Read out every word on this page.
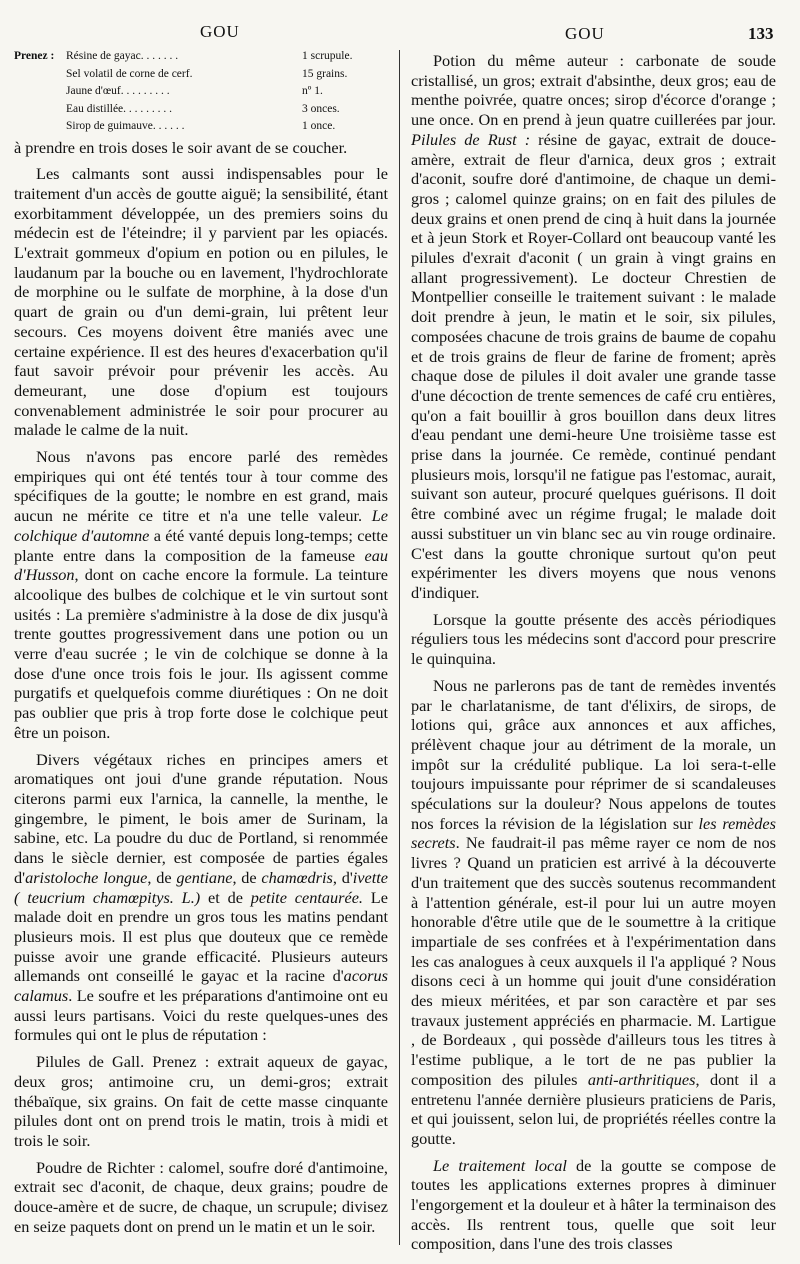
GOU	GOU	133
Prenez :	Résine de gayac. . . . . . .	1 scrupule.
Sel volatil de corne de cerf.	15 grains.
Jaune d'œuf. . . . . . . . .	nº 1.
Eau distillée. . . . . . . . .	3 onces.
Sirop de guimauve. . . . . .	1 once.

à prendre en trois doses le soir avant de se coucher.

Les calmants sont aussi indispensables pour le traitement d'un accès de goutte aiguë; la sensibilité, étant exorbitamment développée, un des premiers soins du médecin est de l'éteindre; il y parvient par les opiacés. L'extrait gommeux d'opium en potion ou en pilules, le laudanum par la bouche ou en lavement, l'hydrochlorate de morphine ou le sulfate de morphine, à la dose d'un quart de grain ou d'un demi-grain, lui prêtent leur secours. Ces moyens doivent être maniés avec une certaine expérience. Il est des heures d'exacerbation qu'il faut savoir prévoir pour prévenir les accès. Au demeurant, une dose d'opium est toujours convenablement administrée le soir pour procurer au malade le calme de la nuit.

Nous n'avons pas encore parlé des remèdes empiriques qui ont été tentés tour à tour comme des spécifiques de la goutte; le nombre en est grand, mais aucun ne mérite ce titre et n'a une telle valeur. Le colchique d'automne a été vanté depuis long-temps; cette plante entre dans la composition de la fameuse eau d'Husson, dont on cache encore la formule. La teinture alcoolique des bulbes de colchique et le vin surtout sont usités : La première s'administre à la dose de dix jusqu'à trente gouttes progressivement dans une potion ou un verre d'eau sucrée ; le vin de colchique se donne à la dose d'une once trois fois le jour. Ils agissent comme purgatifs et quelquefois comme diurétiques : On ne doit pas oublier que pris à trop forte dose le colchique peut être un poison.

Divers végétaux riches en principes amers et aromatiques ont joui d'une grande réputation. Nous citerons parmi eux l'arnica, la cannelle, la menthe, le gingembre, le piment, le bois amer de Surinam, la sabine, etc. La poudre du duc de Portland, si renommée dans le siècle dernier, est composée de parties égales d'aristoloche longue, de gentiane, de chamœdris, d'ivette ( teucrium chamœpitys. L.) et de petite centaurée. Le malade doit en prendre un gros tous les matins pendant plusieurs mois. Il est plus que douteux que ce remède puisse avoir une grande efficacité. Plusieurs auteurs allemands ont conseillé le gayac et la racine d'acorus calamus. Le soufre et les préparations d'antimoine ont eu aussi leurs partisans. Voici du reste quelques-unes des formules qui ont le plus de réputation :

Pilules de Gall. Prenez : extrait aqueux de gayac, deux gros; antimoine cru, un demi-gros; extrait thébaïque, six grains. On fait de cette masse cinquante pilules dont ont on prend trois le matin, trois à midi et trois le soir.

Poudre de Richter : calomel, soufre doré d'antimoine, extrait sec d'aconit, de chaque, deux grains; poudre de douce-amère et de sucre, de chaque, un scrupule; divisez en seize paquets dont on prend un le matin et un le soir.

Potion du même auteur : carbonate de soude cristallisé, un gros; extrait d'absinthe, deux gros; eau de menthe poivrée, quatre onces; sirop d'écorce d'orange ; une once. On en prend à jeun quatre cuillerées par jour. Pilules de Rust : résine de gayac, extrait de douce-amère, extrait de fleur d'arnica, deux gros ; extrait d'aconit, soufre doré d'antimoine, de chaque un demi-gros ; calomel quinze grains; on en fait des pilules de deux grains et onen prend de cinq à huit dans la journée et à jeun Stork et Royer-Collard ont beaucoup vanté les pilules d'exrait d'aconit ( un grain à vingt grains en allant progressivement). Le docteur Chrestien de Montpellier conseille le traitement suivant : le malade doit prendre à jeun, le matin et le soir, six pilules, composées chacune de trois grains de baume de copahu et de trois grains de fleur de farine de froment; après chaque dose de pilules il doit avaler une grande tasse d'une décoction de trente semences de café cru entières, qu'on a fait bouillir à gros bouillon dans deux litres d'eau pendant une demi-heure Une troisième tasse est prise dans la journée. Ce remède, continué pendant plusieurs mois, lorsqu'il ne fatigue pas l'estomac, aurait, suivant son auteur, procuré quelques guérisons. Il doit être combiné avec un régime frugal; le malade doit aussi substituer un vin blanc sec au vin rouge ordinaire. C'est dans la goutte chronique surtout qu'on peut expérimenter les divers moyens que nous venons d'indiquer.

Lorsque la goutte présente des accès périodiques réguliers tous les médecins sont d'accord pour prescrire le quinquina.

Nous ne parlerons pas de tant de remèdes inventés par le charlatanisme, de tant d'élixirs, de sirops, de lotions qui, grâce aux annonces et aux affiches, prélèvent chaque jour au détriment de la morale, un impôt sur la crédulité publique. La loi sera-t-elle toujours impuissante pour réprimer de si scandaleuses spéculations sur la douleur? Nous appelons de toutes nos forces la révision de la législation sur les remèdes secrets. Ne faudrait-il pas même rayer ce nom de nos livres ? Quand un praticien est arrivé à la découverte d'un traitement que des succès soutenus recommandent à l'attention générale, est-il pour lui un autre moyen honorable d'être utile que de le soumettre à la critique impartiale de ses confrées et à l'expérimentation dans les cas analogues à ceux auxquels il l'a appliqué ? Nous disons ceci à un homme qui jouit d'une considération des mieux méritées, et par son caractère et par ses travaux justement appréciés en pharmacie. M. Lartigue , de Bordeaux , qui possède d'ailleurs tous les titres à l'estime publique, a le tort de ne pas publier la composition des pilules anti-arthritiques, dont il a entretenu l'année dernière plusieurs praticiens de Paris, et qui jouissent, selon lui, de propriétés réelles contre la goutte.

Le traitement local de la goutte se compose de toutes les applications externes propres à diminuer l'engorgement et la douleur et à hâter la terminaison des accès. Ils rentrent tous, quelle que soit leur composition, dans l'une des trois classes
